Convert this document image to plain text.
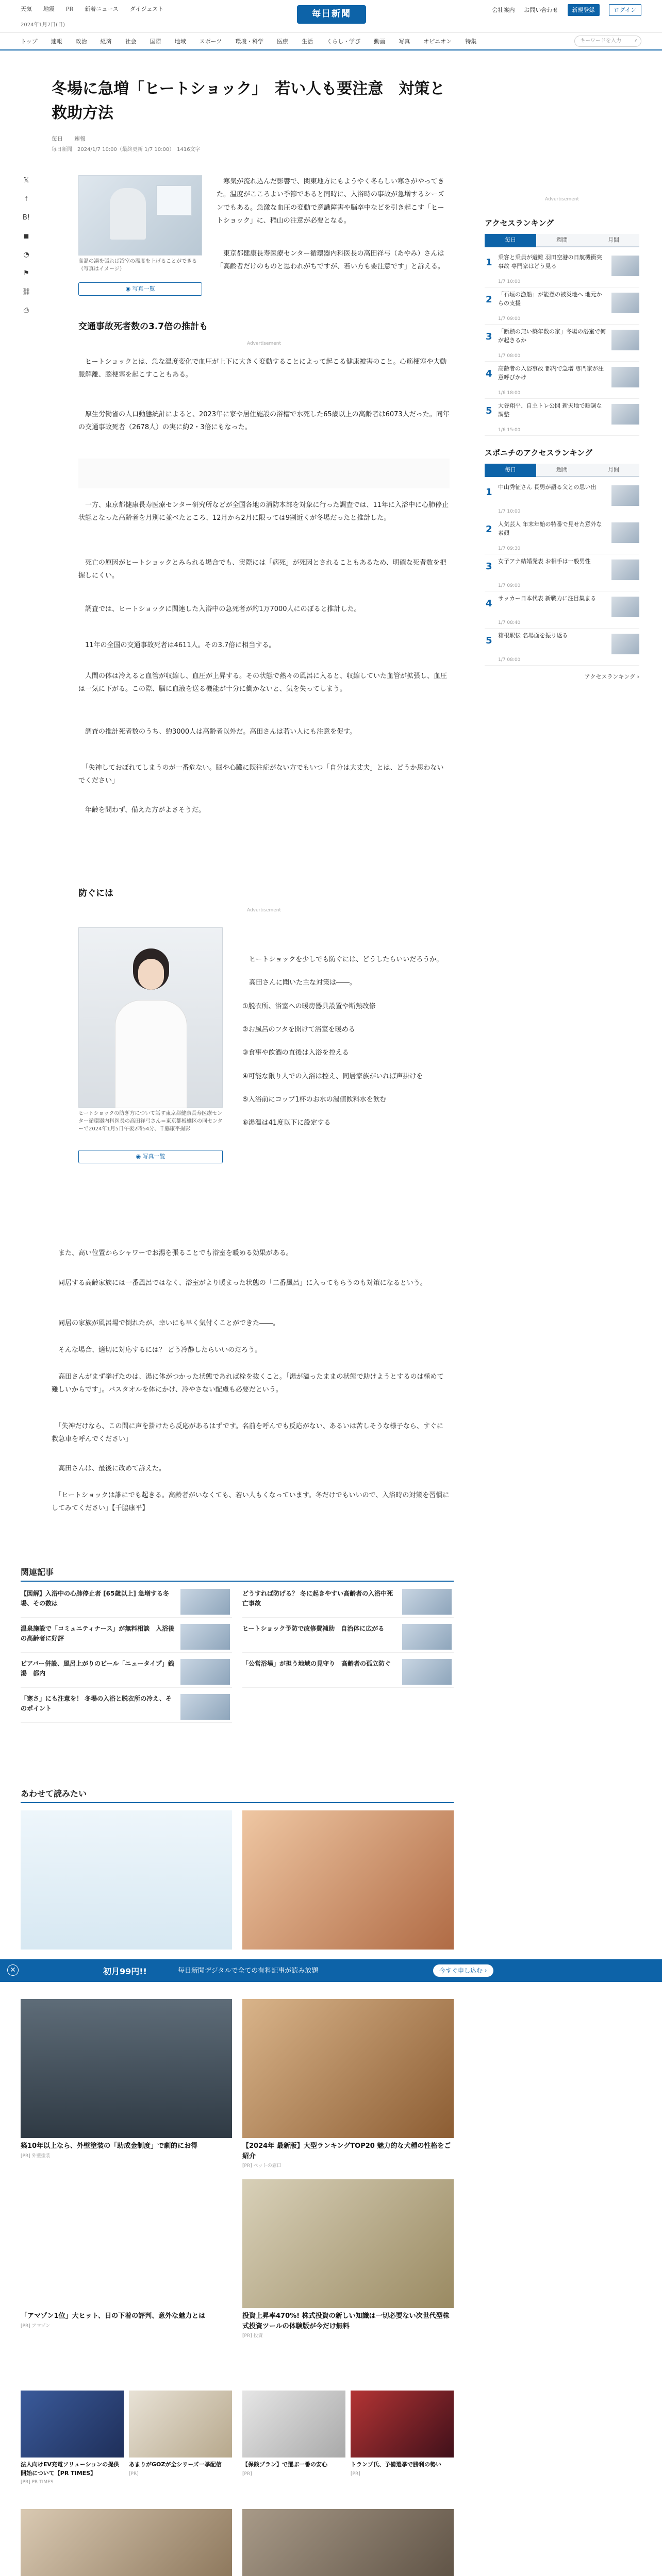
天気 地震 PR 新着ニュース ダイジェスト
2024年1月7日(日)
毎日新聞	会社案内 お問い合わせ	新規登録	ログイン
トップ 速報 政治 経済 社会 国際 地域 スポーツ 環境・科学 医療 生活 くらし・学び 動画 写真 オピニオン 特集	キーワードを入力	⌕
冬場に急増「ヒートショック」　若い人も要注意　対策と救助方法
毎日　　速報
毎日新聞　2024/1/7 10:00（最終更新 1/7 10:00）　1416文字
𝕏
f
B!
◼
◔
⚑
⛓
⎙
高温の湯を張れば浴室の温度を上げることができる（写真はイメージ）
◉ 写真一覧

　寒気が流れ込んだ影響で、関東地方にもようやく冬らしい寒さがやってきた。温度がこころよい季節であると同時に、入浴時の事故が急増するシーズンでもある。急激な血圧の変動で意識障害や脳卒中などを引き起こす「ヒートショック」に、稲山の注意が必要となる。

　東京都健康長寿医療センター循環器内科医長の高田祥弓（あやみ）さんは「高齢者だけのものと思われがちですが、若い方も要注意です」と訴える。

交通事故死者数の3.7倍の推計も
Advertisement

　ヒートショックとは、急な温度変化で血圧が上下に大きく変動することによって起こる健康被害のこと。心筋梗塞や大動脈解離、脳梗塞を起こすこともある。

　厚生労働省の人口動態統計によると、2023年に家や居住施設の浴槽で水死した65歳以上の高齢者は6073人だった。同年の交通事故死者（2678人）の実に約2・3倍にもなった。

　一方、東京都健康長寿医療センター研究所などが全国各地の消防本部を対象に行った調査では、11年に入浴中に心肺停止状態となった高齢者を月別に並べたところ、12月から2月に限っては9割近くが冬場だったと推計した。

　死亡の原因がヒートショックとみられる場合でも、実際には「病死」が死因とされることもあるため、明確な死者数を把握しにくい。

　調査では、ヒートショックに関連した入浴中の急死者が約1万7000人にのぼると推計した。

　11年の全国の交通事故死者は4611人。その3.7倍に相当する。

　人間の体は冷えると血管が収縮し、血圧が上昇する。その状態で熱々の風呂に入ると、収縮していた血管が拡張し、血圧は一気に下がる。この際、脳に血液を送る機能が十分に働かないと、気を失ってしまう。

　調査の推計死者数のうち、約3000人は高齢者以外だ。高田さんは若い人にも注意を促す。

　「失神しておぼれてしまうのが一番危ない。脳や心臓に既往症がない方でもいつ「自分は大丈夫」とは、どうか思わないでください」

　年齢を問わず、備えた方がよさそうだ。

防ぐには
Advertisement
ヒートショックの防ぎ方について話す東京都健康長寿医療センター循環器内科医長の高田祥弓さん＝東京都板橋区の同センターで2024年1月5日午後2時54分、千脇康平撮影
◉ 写真一覧

　ヒートショックを少しでも防ぐには、どうしたらいいだろうか。

　高田さんに聞いた主な対策は――。

①脱衣所、浴室への暖房器具設置や断熱改修

②お風呂のフタを開けて浴室を暖める

③食事や飲酒の直後は入浴を控える

④可能な限り人での入浴は控え、同居家族がいれば声掛けを

⑤入浴前にコップ1杯のお水の湯値飲料水を飲む

⑥湯温は41度以下に設定する

　また、高い位置からシャワーでお湯を張ることでも浴室を暖める効果がある。

　同居する高齢家族には一番風呂ではなく、浴室がより暖まった状態の「二番風呂」に入ってもらうのも対策になるという。

　同居の家族が風呂場で倒れたが、幸いにも早く気付くことができた――。

　そんな場合、適切に対応するには？ どう冷静したらいいのだろう。

　高田さんがまず挙げたのは、湯に体がつかった状態であれば栓を抜くこと。「湯が溢ったままの状態で助けようとするのは極めて難しいからです」。バスタオルを体にかけ、冷やさない配慮も必要だという。

　「失神だけなら、この間に声を掛けたら反応があるはずです。名前を呼んでも反応がない、あるいは苦しそうな様子なら、すぐに救急車を呼んでください」

　高田さんは、最後に改めて訴えた。

　「ヒートショックは誰にでも起きる。高齢者がいなくても、若い人もくなっています。冬だけでもいいので、入浴時の対策を習慣にしてみてください」【千脇康平】

関連記事
【図解】入浴中の心肺停止者 [65歳以上] 急増する冬場、その数は
どうすれば防げる？ 冬に起きやすい高齢者の入浴中死亡事故
温泉施設で「コミュニティナース」が無料相談　入浴後の高齢者に好評
ヒートショック予防で改修費補助　自治体に広がる
ビアバー併設、風呂上がりのビール「ニュータイプ」銭湯　都内
「公営浴場」が担う地域の見守り　高齢者の孤立防ぐ
「寒さ」にも注意を！ 冬場の入浴と脱衣所の冷え、そのポイント
Advertisement
アクセスランキング
毎日	週間	月間
1 乗客と乗員が避難 羽田空港の日航機衝突事故 専門家はどう見る
1/7 10:00
2 「石垣の漁船」が能登の被災地へ 地元からの支援
1/7 09:00
3 「断熱の無い築年数の家」冬場の浴室で何が起きるか
1/7 08:00
4 高齢者の入浴事故 都内で急増 専門家が注意呼びかけ
1/6 18:00
5 大谷翔平、自主トレ公開 新天地で順調な調整
1/6 15:00
スポニチのアクセスランキング
毎日	週間	月間
1 中山秀征さん 長男が語る父との思い出
1/7 10:00
2 人気芸人 年末年始の特番で見せた意外な素顔
1/7 09:30
3 女子アナ結婚発表 お相手は一般男性
1/7 09:00
4 サッカー日本代表 新戦力に注目集まる
1/7 08:40
5 箱根駅伝 名場面を振り返る
1/7 08:00
アクセスランキング ›
あわせて読みたい
✕	初月99円!!	毎日新聞デジタルで全ての有料記事が読み放題	今すぐ申し込む ›
築10年以上なら、外壁塗装の「助成金制度」で劇的にお得
[PR] 外壁塗装
【2024年 最新版】大型ランキングTOP20 魅力的な犬種の性格をご紹介
[PR] ペットの窓口
「アマゾン1位」大ヒット、日の下着の評判、意外な魅力とは
[PR] アマゾン
投資上昇率470%! 株式投資の新しい知識は一切必要ない次世代型株式投資ツールの体験版が今だけ無料
[PR] 投資
法人向けEV充電ソリューションの提供開始について【PR TIMES】
[PR] PR TIMES
あまりがGOZが全シリーズ一挙配信
[PR]
【保険プラン】で選ぶ一番の安心
[PR]
トランプ氏、予備選挙で勝利の勢い
[PR]
